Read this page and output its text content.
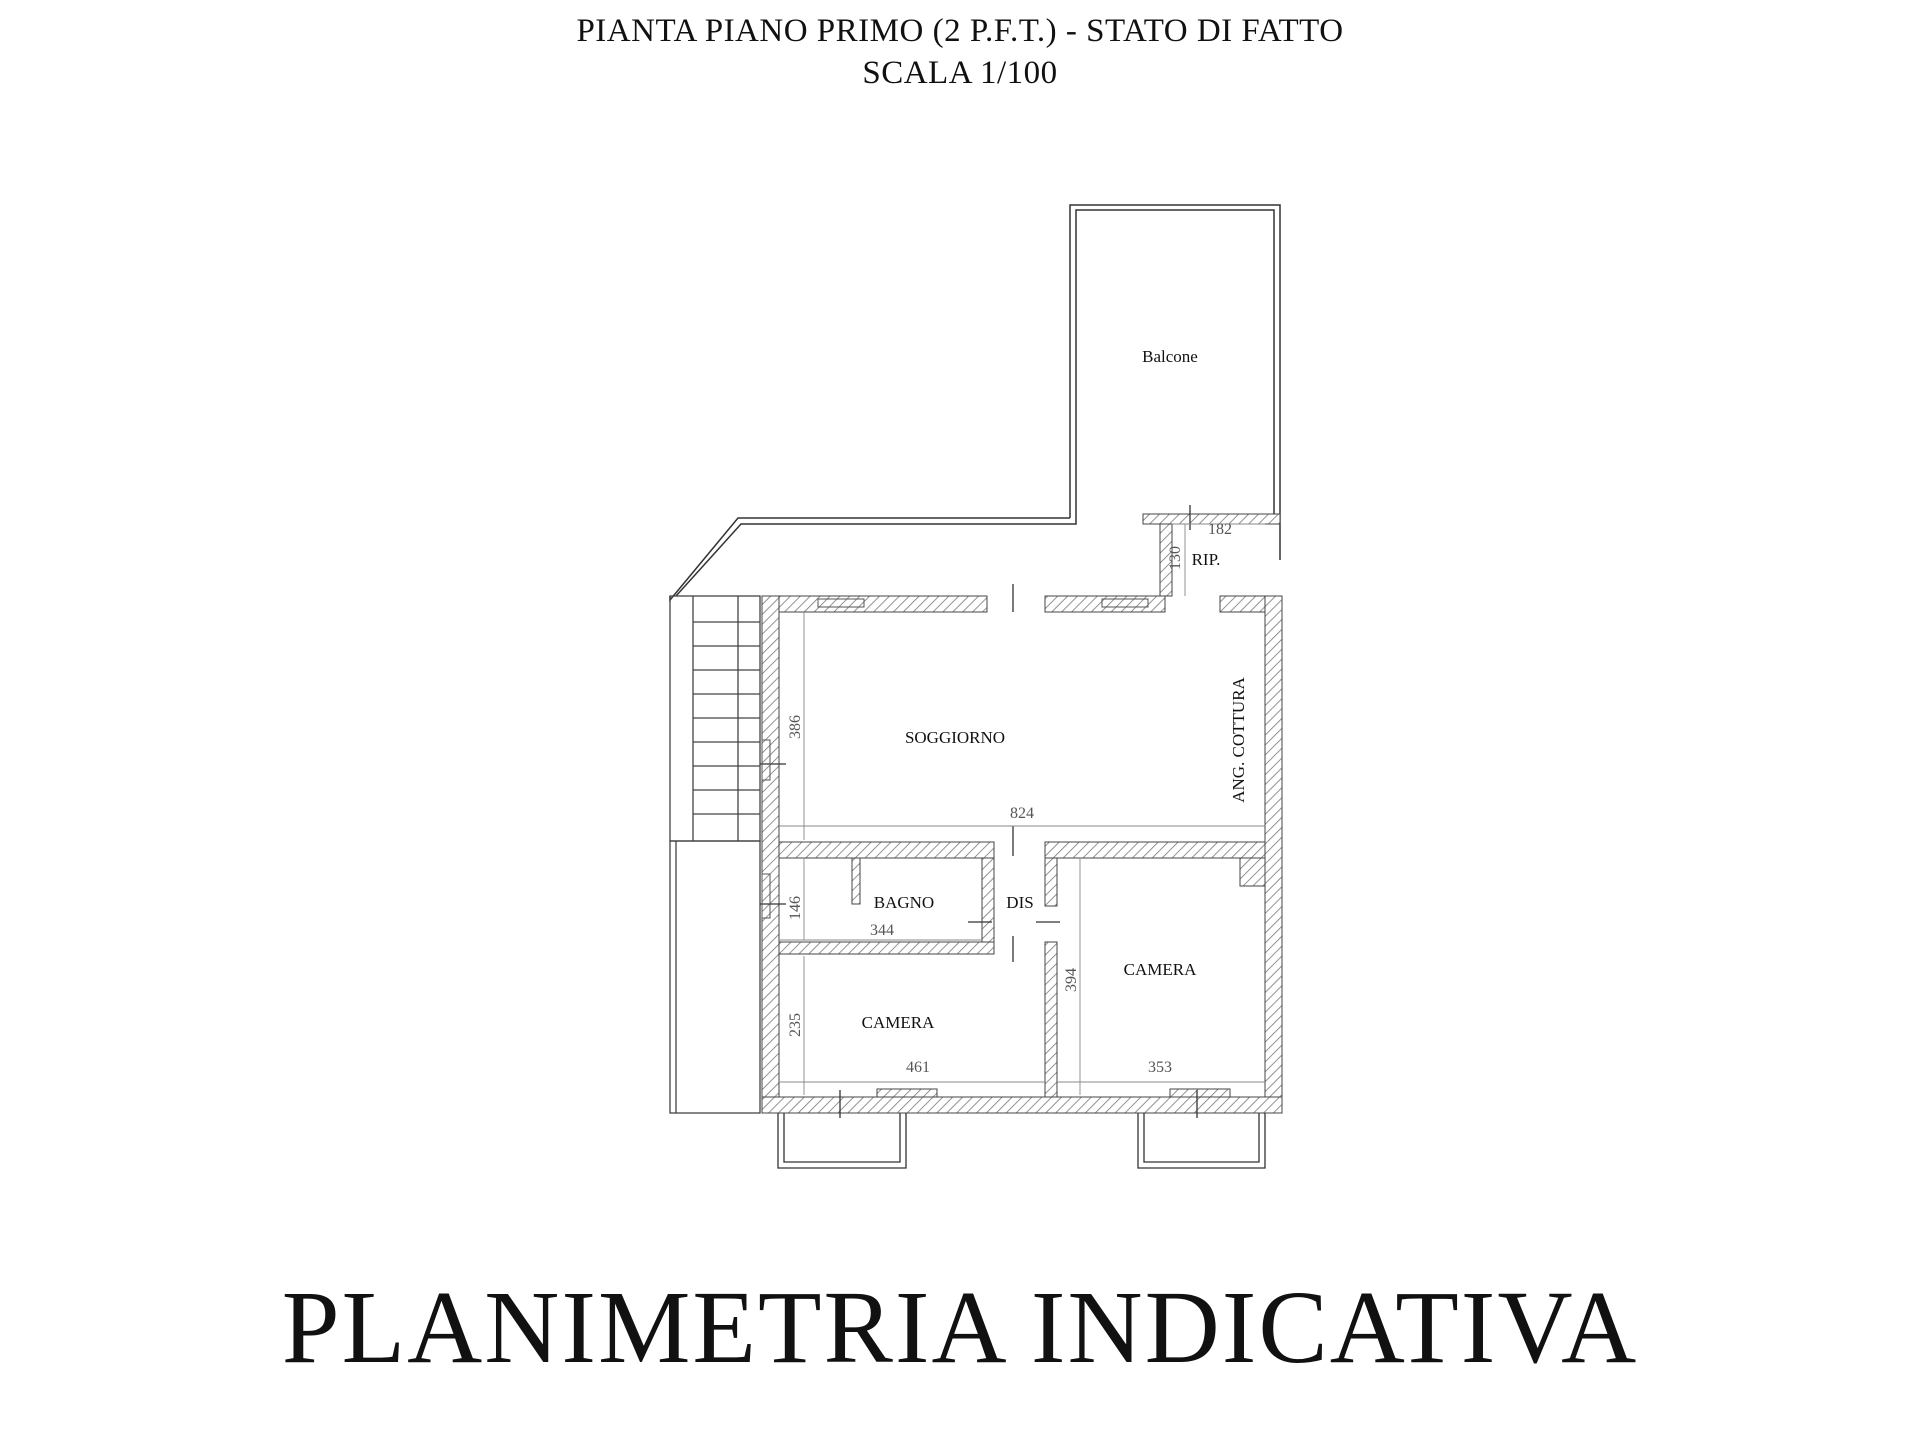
PIANTA PIANO PRIMO (2 P.F.T.) - STATO DI FATTO
SCALA 1/100
Balcone
RIP.
SOGGIORNO	ANG. COTTURA
BAGNO	DIS
CAMERA
CAMERA
182
130
386
824
146
344
235
461
394
353
PLANIMETRIA INDICATIVA
